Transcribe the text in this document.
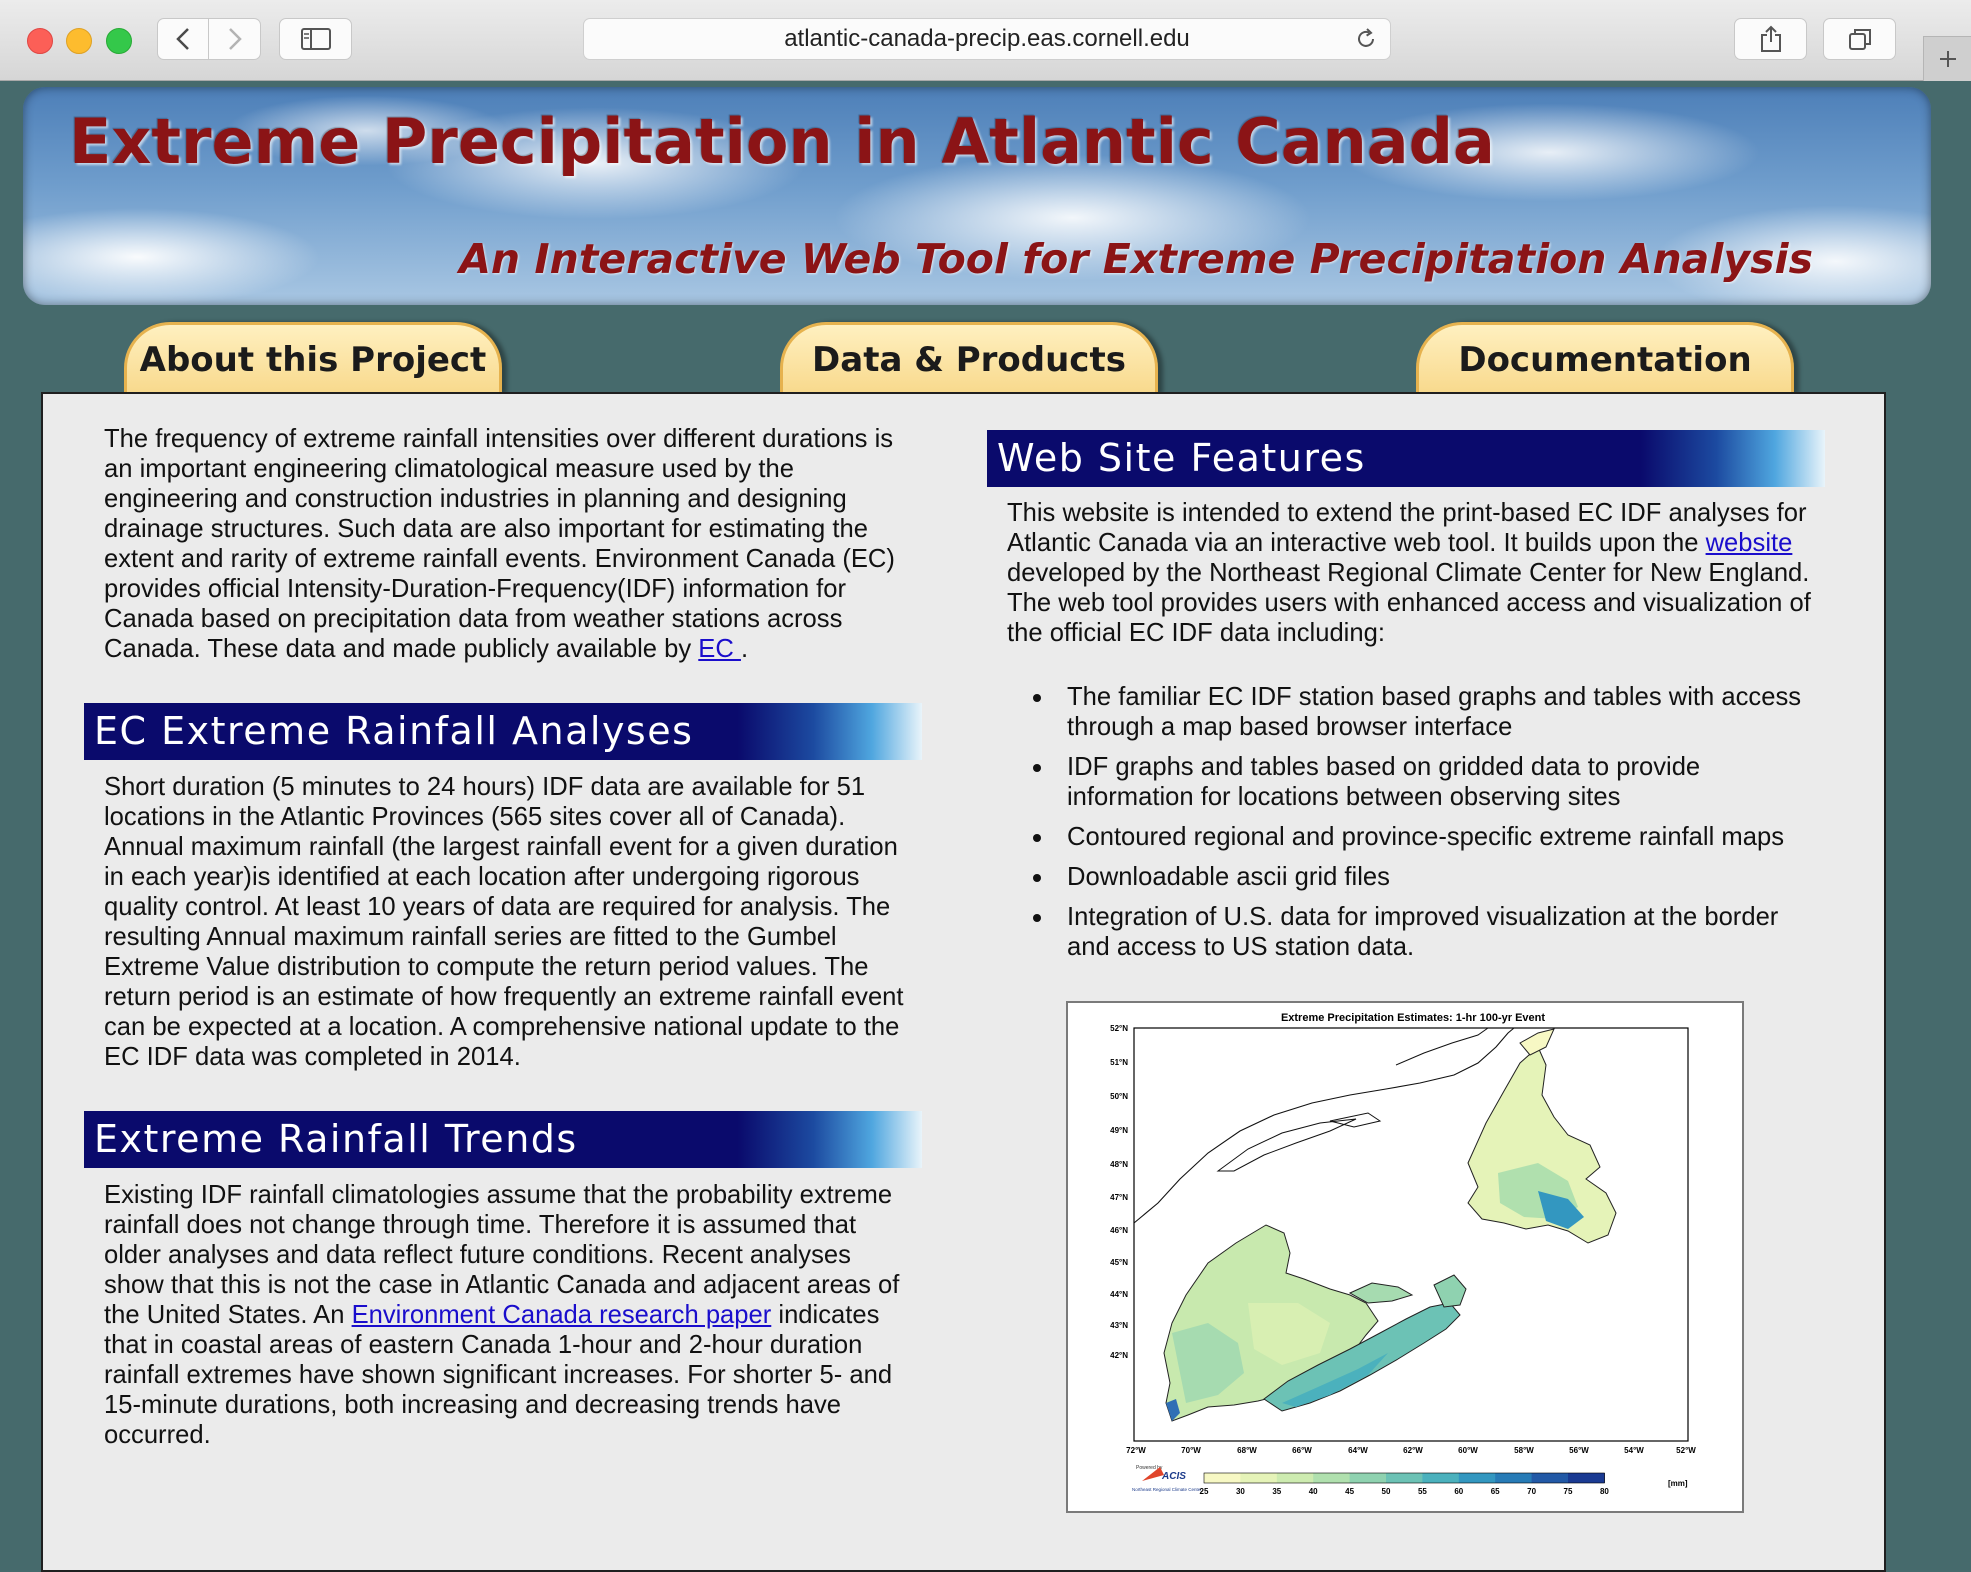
atlantic-canada-precip.eas.cornell.edu
Extreme Precipitation in Atlantic Canada
An Interactive Web Tool for Extreme Precipitation Analysis
About this Project	Data & Products	Documentation

The frequency of extreme rainfall intensities over different durations is an important engineering climatological measure used by the engineering and construction industries in planning and designing drainage structures. Such data are also important for estimating the extent and rarity of extreme rainfall events. Environment Canada (EC) provides official Intensity-Duration-Frequency(IDF) information for Canada based on precipitation data from weather stations across Canada. These data and made publicly available by EC .

EC Extreme Rainfall Analyses

Short duration (5 minutes to 24 hours) IDF data are available for 51 locations in the Atlantic Provinces (565 sites cover all of Canada). Annual maximum rainfall (the largest rainfall event for a given duration in each year)is identified at each location after undergoing rigorous quality control. At least 10 years of data are required for analysis. The resulting Annual maximum rainfall series are fitted to the Gumbel Extreme Value distribution to compute the return period values. The return period is an estimate of how frequently an extreme rainfall event can be expected at a location. A comprehensive national update to the EC IDF data was completed in 2014.

Extreme Rainfall Trends

Existing IDF rainfall climatologies assume that the probability extreme rainfall does not change through time. Therefore it is assumed that older analyses and data reflect future conditions. Recent analyses show that this is not the case in Atlantic Canada and adjacent areas of the United States. An Environment Canada research paper indicates that in coastal areas of eastern Canada 1-hour and 2-hour duration rainfall extremes have shown significant increases. For shorter 5- and 15-minute durations, both increasing and decreasing trends have occurred.

Web Site Features

This website is intended to extend the print-based EC IDF analyses for Atlantic Canada via an interactive web tool. It builds upon the website developed by the Northeast Regional Climate Center for New England. The web tool provides users with enhanced access and visualization of the official EC IDF data including:

The familiar EC IDF station based graphs and tables with access through a map based browser interface
IDF graphs and tables based on gridded data to provide information for locations between observing sites
Contoured regional and province-specific extreme rainfall maps
Downloadable ascii grid files
Integration of U.S. data for improved visualization at the border and access to US station data.
Extreme Precipitation Estimates: 1-hr 100-yr Event
52°N
51°N
50°N
49°N
48°N
47°N
46°N
45°N
44°N
43°N
42°N
72°W	70°W	68°W	66°W	64°W	62°W	60°W	58°W	56°W	54°W	52°W
Powered by
ACIS
Northeast Regional Climate Center
25	30	35	40	45	50	55	60	65	70	75	80
[mm]
